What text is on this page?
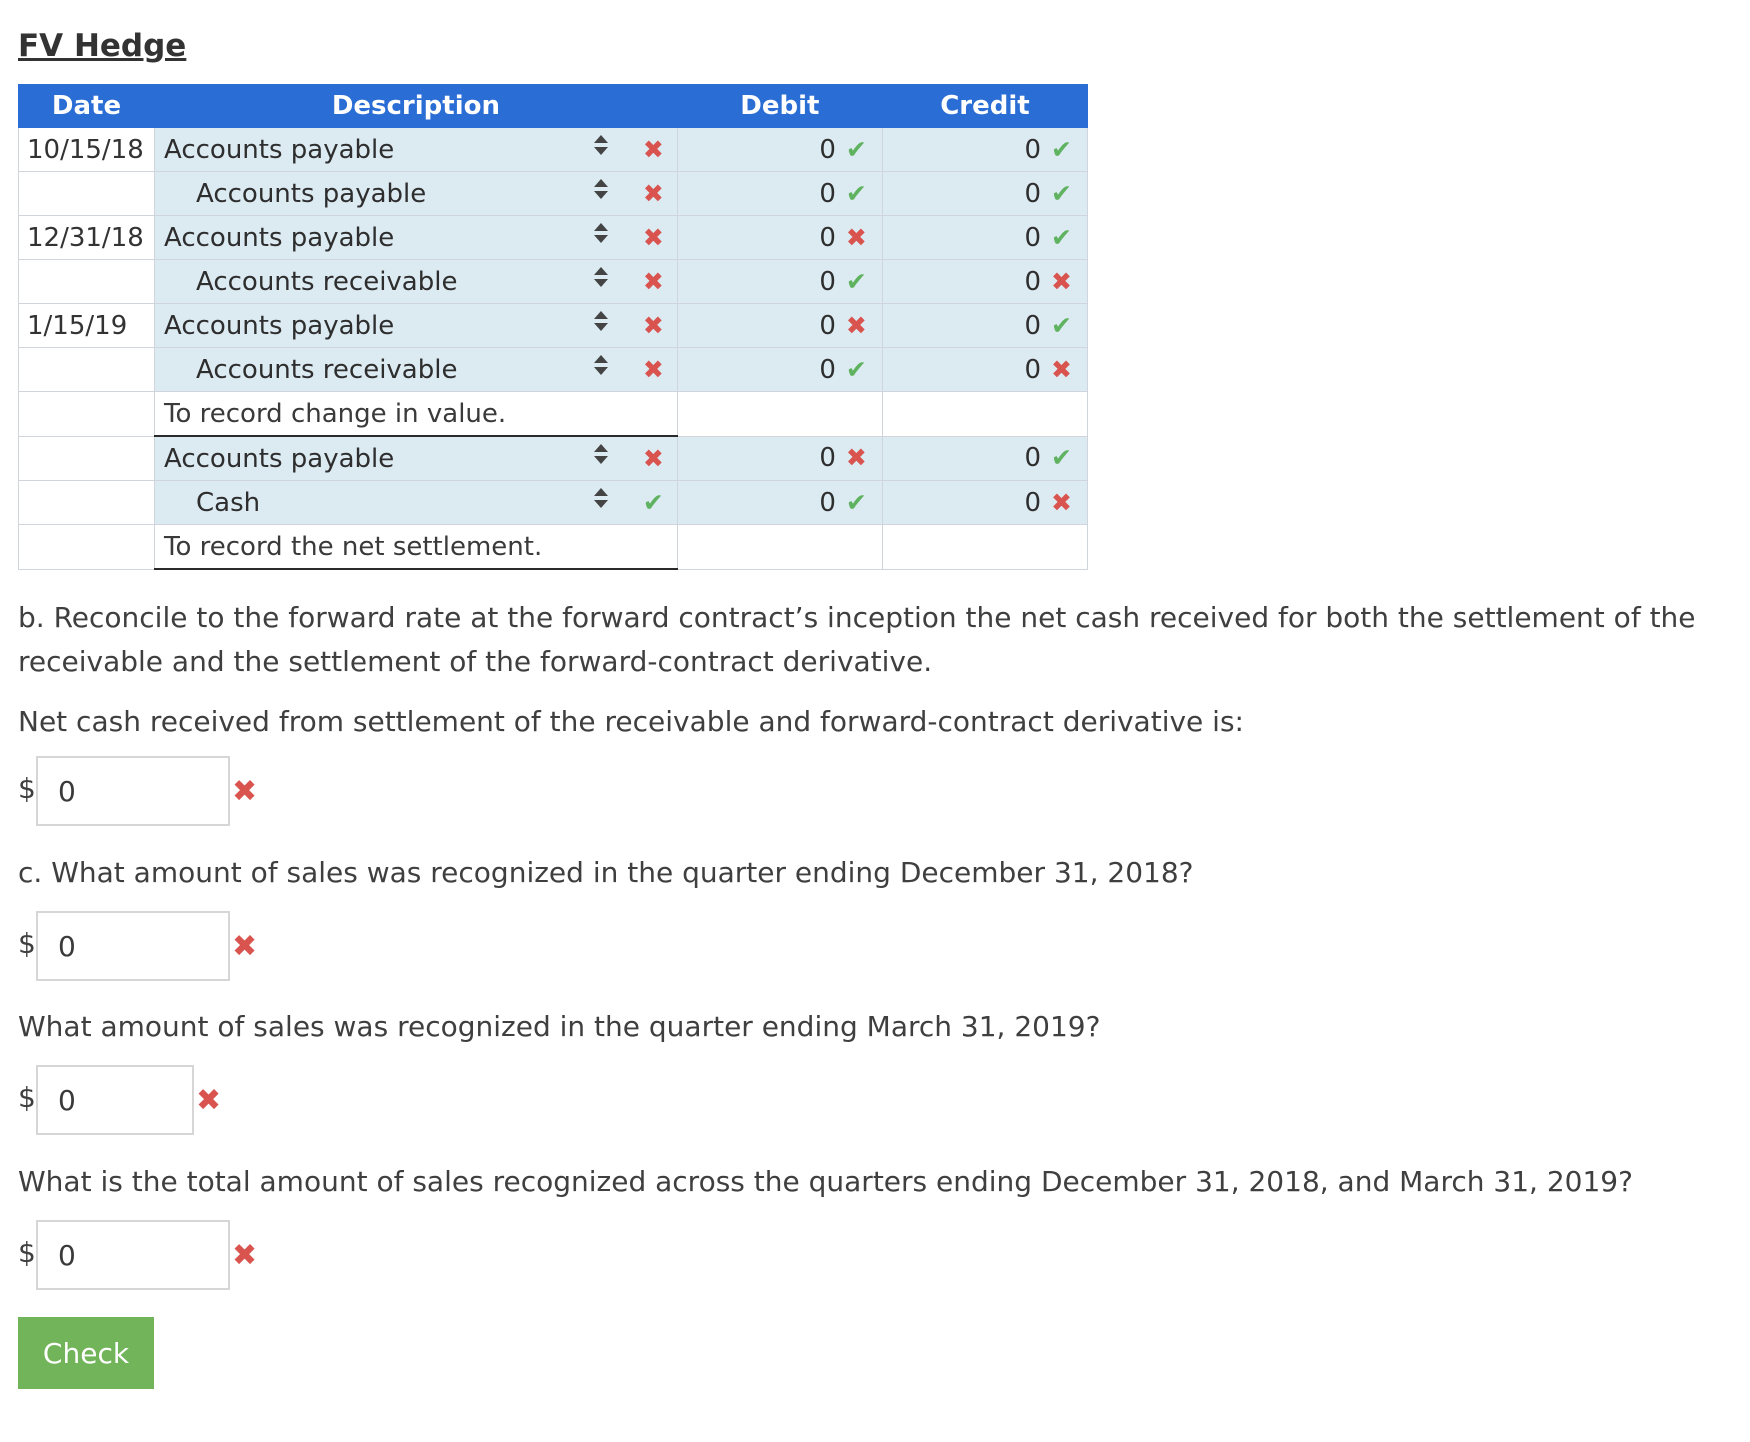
FV Hedge
Date	Description		Debit	Credit
10/15/18	Accounts payable	✖	0 ✔	0 ✔
	Accounts payable	✖	0 ✔	0 ✔
12/31/18	Accounts payable	✖	0 ✖	0 ✔
	Accounts receivable	✖	0 ✔	0 ✖
1/15/19	Accounts payable	✖	0 ✖	0 ✔
	Accounts receivable	✖	0 ✔	0 ✖
	To record change in value.			
	Accounts payable	✖	0 ✖	0 ✔
	Cash	✔	0 ✔	0 ✖
	To record the net settlement.			

b. Reconcile to the forward rate at the forward contract’s inception the net cash received for both the settlement of the receivable and the settlement of the forward-contract derivative.

Net cash received from settlement of the receivable and forward-contract derivative is:

$
0	✖

c. What amount of sales was recognized in the quarter ending December 31, 2018?

$
0	✖

What amount of sales was recognized in the quarter ending March 31, 2019?

$
0	✖

What is the total amount of sales recognized across the quarters ending December 31, 2018, and March 31, 2019?

$
0	✖
Check
